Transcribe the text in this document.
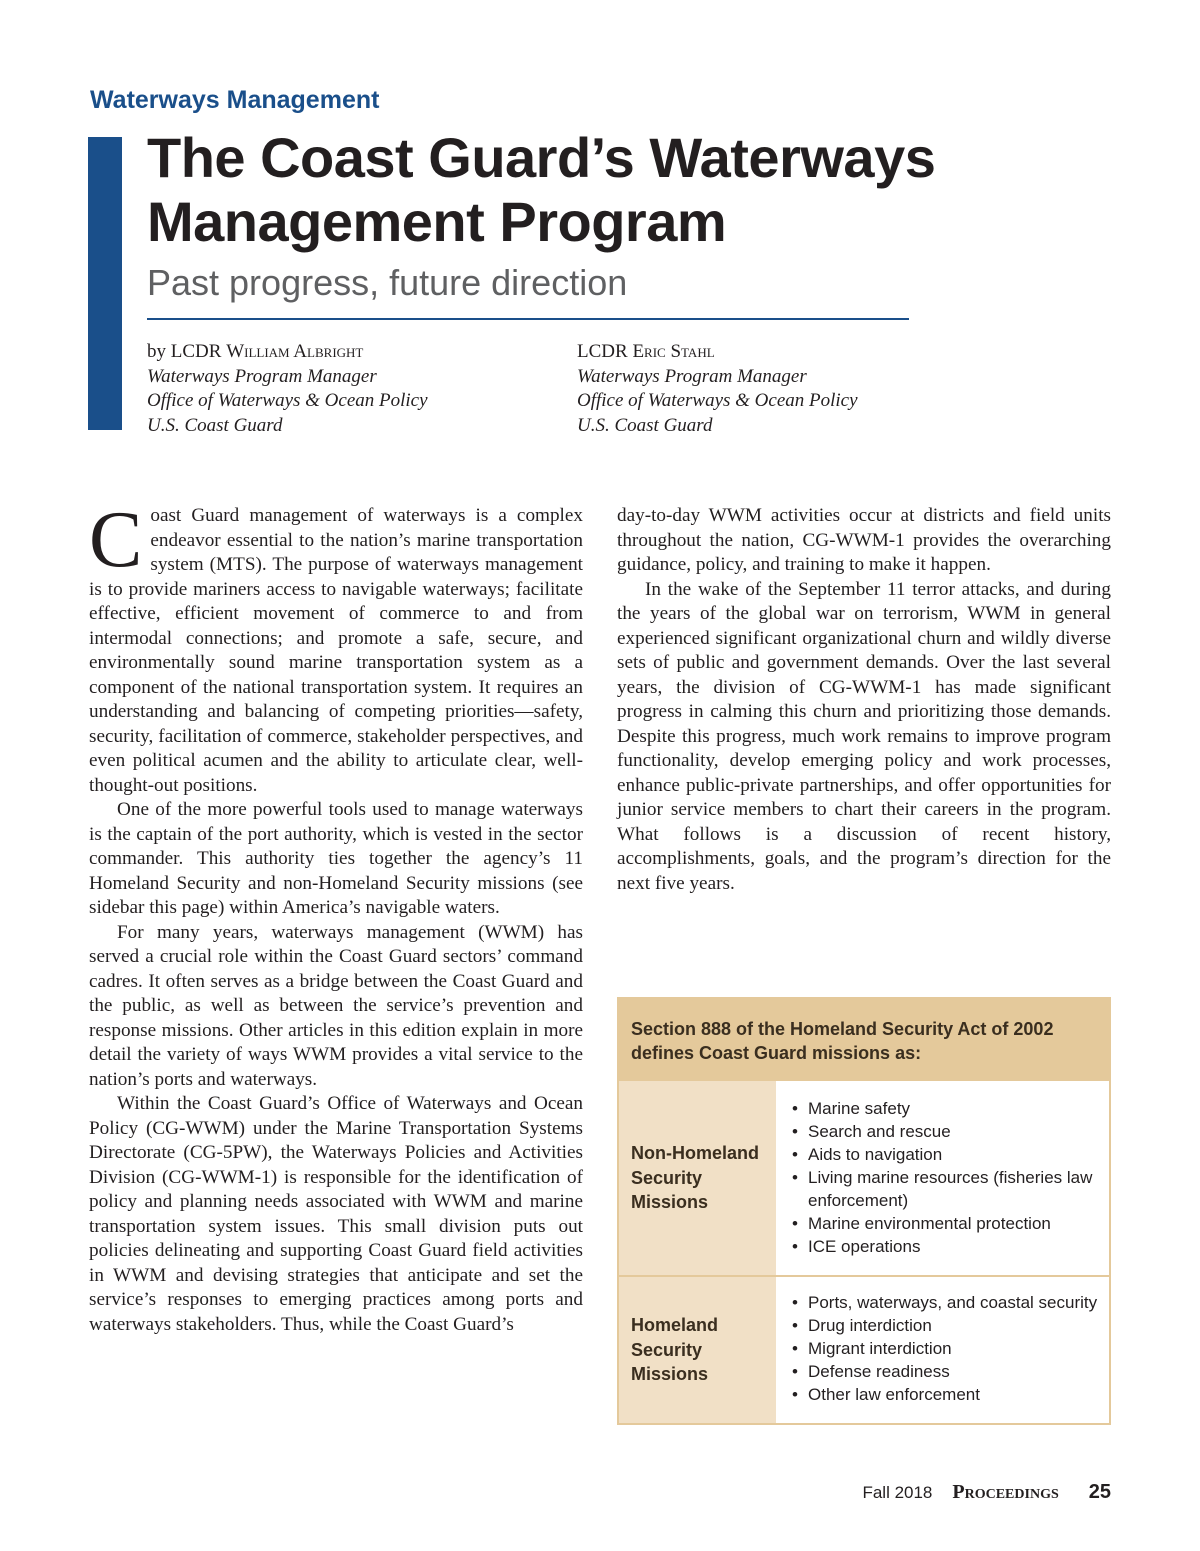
Waterways Management
The Coast Guard’s Waterways Management Program
Past progress, future direction
by LCDR William Albright
Waterways Program Manager
Office of Waterways & Ocean Policy
U.S. Coast Guard
LCDR Eric Stahl
Waterways Program Manager
Office of Waterways & Ocean Policy
U.S. Coast Guard

Coast Guard management of waterways is a complex endeavor essential to the nation’s marine transportation system (MTS). The purpose of waterways management is to provide mariners access to navigable waterways; facilitate effective, efficient movement of commerce to and from intermodal connections; and promote a safe, secure, and environmentally sound marine transportation system as a component of the national transportation system. It requires an understanding and balancing of competing priorities—safety, security, facilitation of commerce, stakeholder perspectives, and even political acumen and the ability to articulate clear, well-thought-out positions.

One of the more powerful tools used to manage waterways is the captain of the port authority, which is vested in the sector commander. This authority ties together the agency’s 11 Homeland Security and non-Homeland Security missions (see sidebar this page) within America’s navigable waters.

For many years, waterways management (WWM) has served a crucial role within the Coast Guard sectors’ command cadres. It often serves as a bridge between the Coast Guard and the public, as well as between the service’s prevention and response missions. Other articles in this edition explain in more detail the variety of ways WWM provides a vital service to the nation’s ports and waterways.

Within the Coast Guard’s Office of Waterways and Ocean Policy (CG-WWM) under the Marine Transportation Systems Directorate (CG-5PW), the Waterways Policies and Activities Division (CG-WWM-1) is responsible for the identification of policy and planning needs associated with WWM and marine transportation system issues. This small division puts out policies delineating and supporting Coast Guard field activities in WWM and devising strategies that anticipate and set the service’s responses to emerging practices among ports and waterways stakeholders. Thus, while the Coast Guard’s

day-to-day WWM activities occur at districts and field units throughout the nation, CG-WWM-1 provides the overarching guidance, policy, and training to make it happen.

In the wake of the September 11 terror attacks, and during the years of the global war on terrorism, WWM in general experienced significant organizational churn and wildly diverse sets of public and government demands. Over the last several years, the division of CG-WWM-1 has made significant progress in calming this churn and prioritizing those demands. Despite this progress, much work remains to improve program functionality, develop emerging policy and work processes, enhance public-private partnerships, and offer opportunities for junior service members to chart their careers in the program. What follows is a discussion of recent history, accomplishments, goals, and the program’s direction for the next five years.

Section 888 of the Homeland Security Act of 2002 defines Coast Guard missions as:
Non-Homeland Security Missions
• Marine safety
• Search and rescue
• Aids to navigation
• Living marine resources (fisheries law enforcement)
• Marine environmental protection
• ICE operations
Homeland Security Missions
• Ports, waterways, and coastal security
• Drug interdiction
• Migrant interdiction
• Defense readiness
• Other law enforcement
Fall 2018 Proceedings 25
